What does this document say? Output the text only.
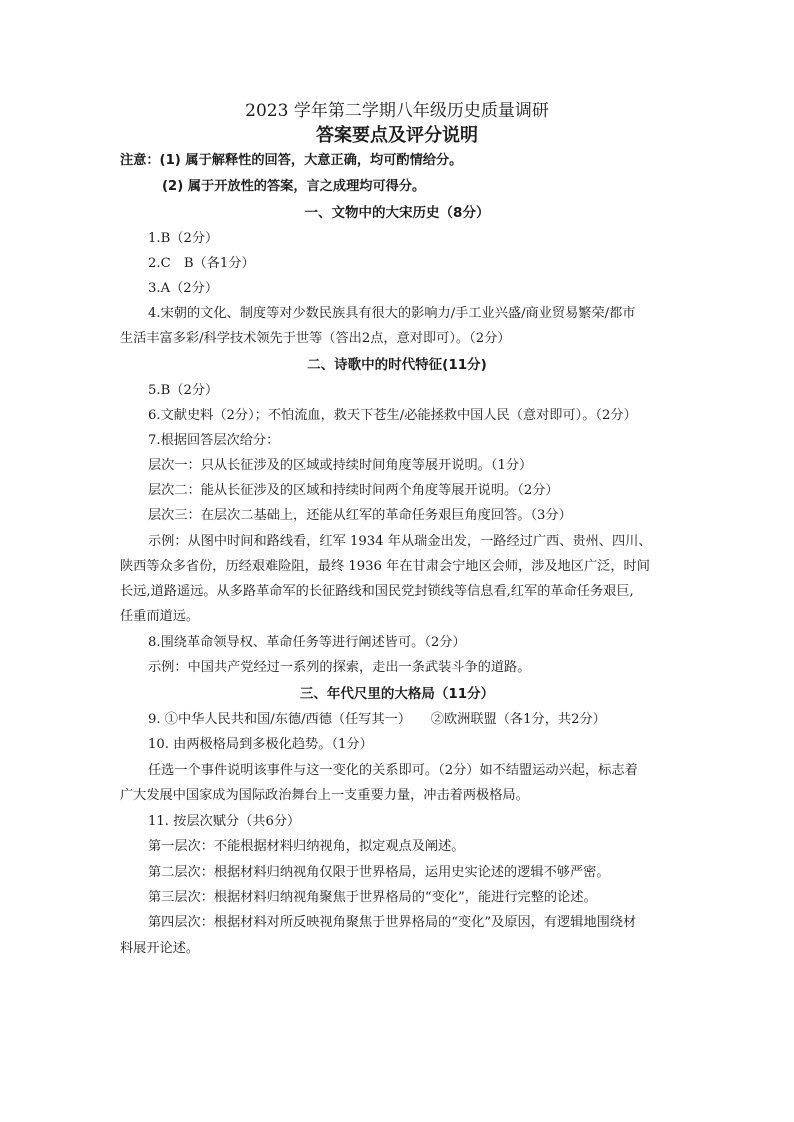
2023 学年第二学期八年级历史质量调研
答案要点及评分说明
注意：(1) 属于解释性的回答，大意正确，均可酌情给分。
(2) 属于开放性的答案，言之成理均可得分。
一、文物中的大宋历史（8分）
1.B（2分）
2.C　B（各1分）
3.A（2分）
4.宋朝的文化、制度等对少数民族具有很大的影响力/手工业兴盛/商业贸易繁荣/都市
生活丰富多彩/科学技术领先于世等（答出2点，意对即可）。（2分）
二、诗歌中的时代特征(11分)
5.B（2分）
6.文献史料（2分）；不怕流血，救天下苍生/必能拯救中国人民（意对即可）。（2分）
7.根据回答层次给分：
层次一：只从长征涉及的区域或持续时间角度等展开说明。（1分）
层次二：能从长征涉及的区域和持续时间两个角度等展开说明。（2分）
层次三：在层次二基础上，还能从红军的革命任务艰巨角度回答。（3分）
示例：从图中时间和路线看，红军 1934 年从瑞金出发，一路经过广西、贵州、四川、
陕西等众多省份，历经艰难险阻，最终 1936 年在甘肃会宁地区会师，涉及地区广泛，时间
长远,道路遥远。从多路革命军的长征路线和国民党封锁线等信息看,红军的革命任务艰巨,
任重而道远。
8.围绕革命领导权、革命任务等进行阐述皆可。（2分）
示例：中国共产党经过一系列的探索，走出一条武装斗争的道路。
三、年代尺里的大格局（11分）
9. ①中华人民共和国/东德/西德（任写其一）　　②欧洲联盟（各1分，共2分）
10. 由两极格局到多极化趋势。（1分）
任选一个事件说明该事件与这一变化的关系即可。（2分）如不结盟运动兴起，标志着
广大发展中国家成为国际政治舞台上一支重要力量，冲击着两极格局。
11. 按层次赋分（共6分）
第一层次：不能根据材料归纳视角，拟定观点及阐述。
第二层次：根据材料归纳视角仅限于世界格局，运用史实论述的逻辑不够严密。
第三层次：根据材料归纳视角聚焦于世界格局的“变化”，能进行完整的论述。
第四层次：根据材料对所反映视角聚焦于世界格局的“变化”及原因，有逻辑地围绕材
料展开论述。
